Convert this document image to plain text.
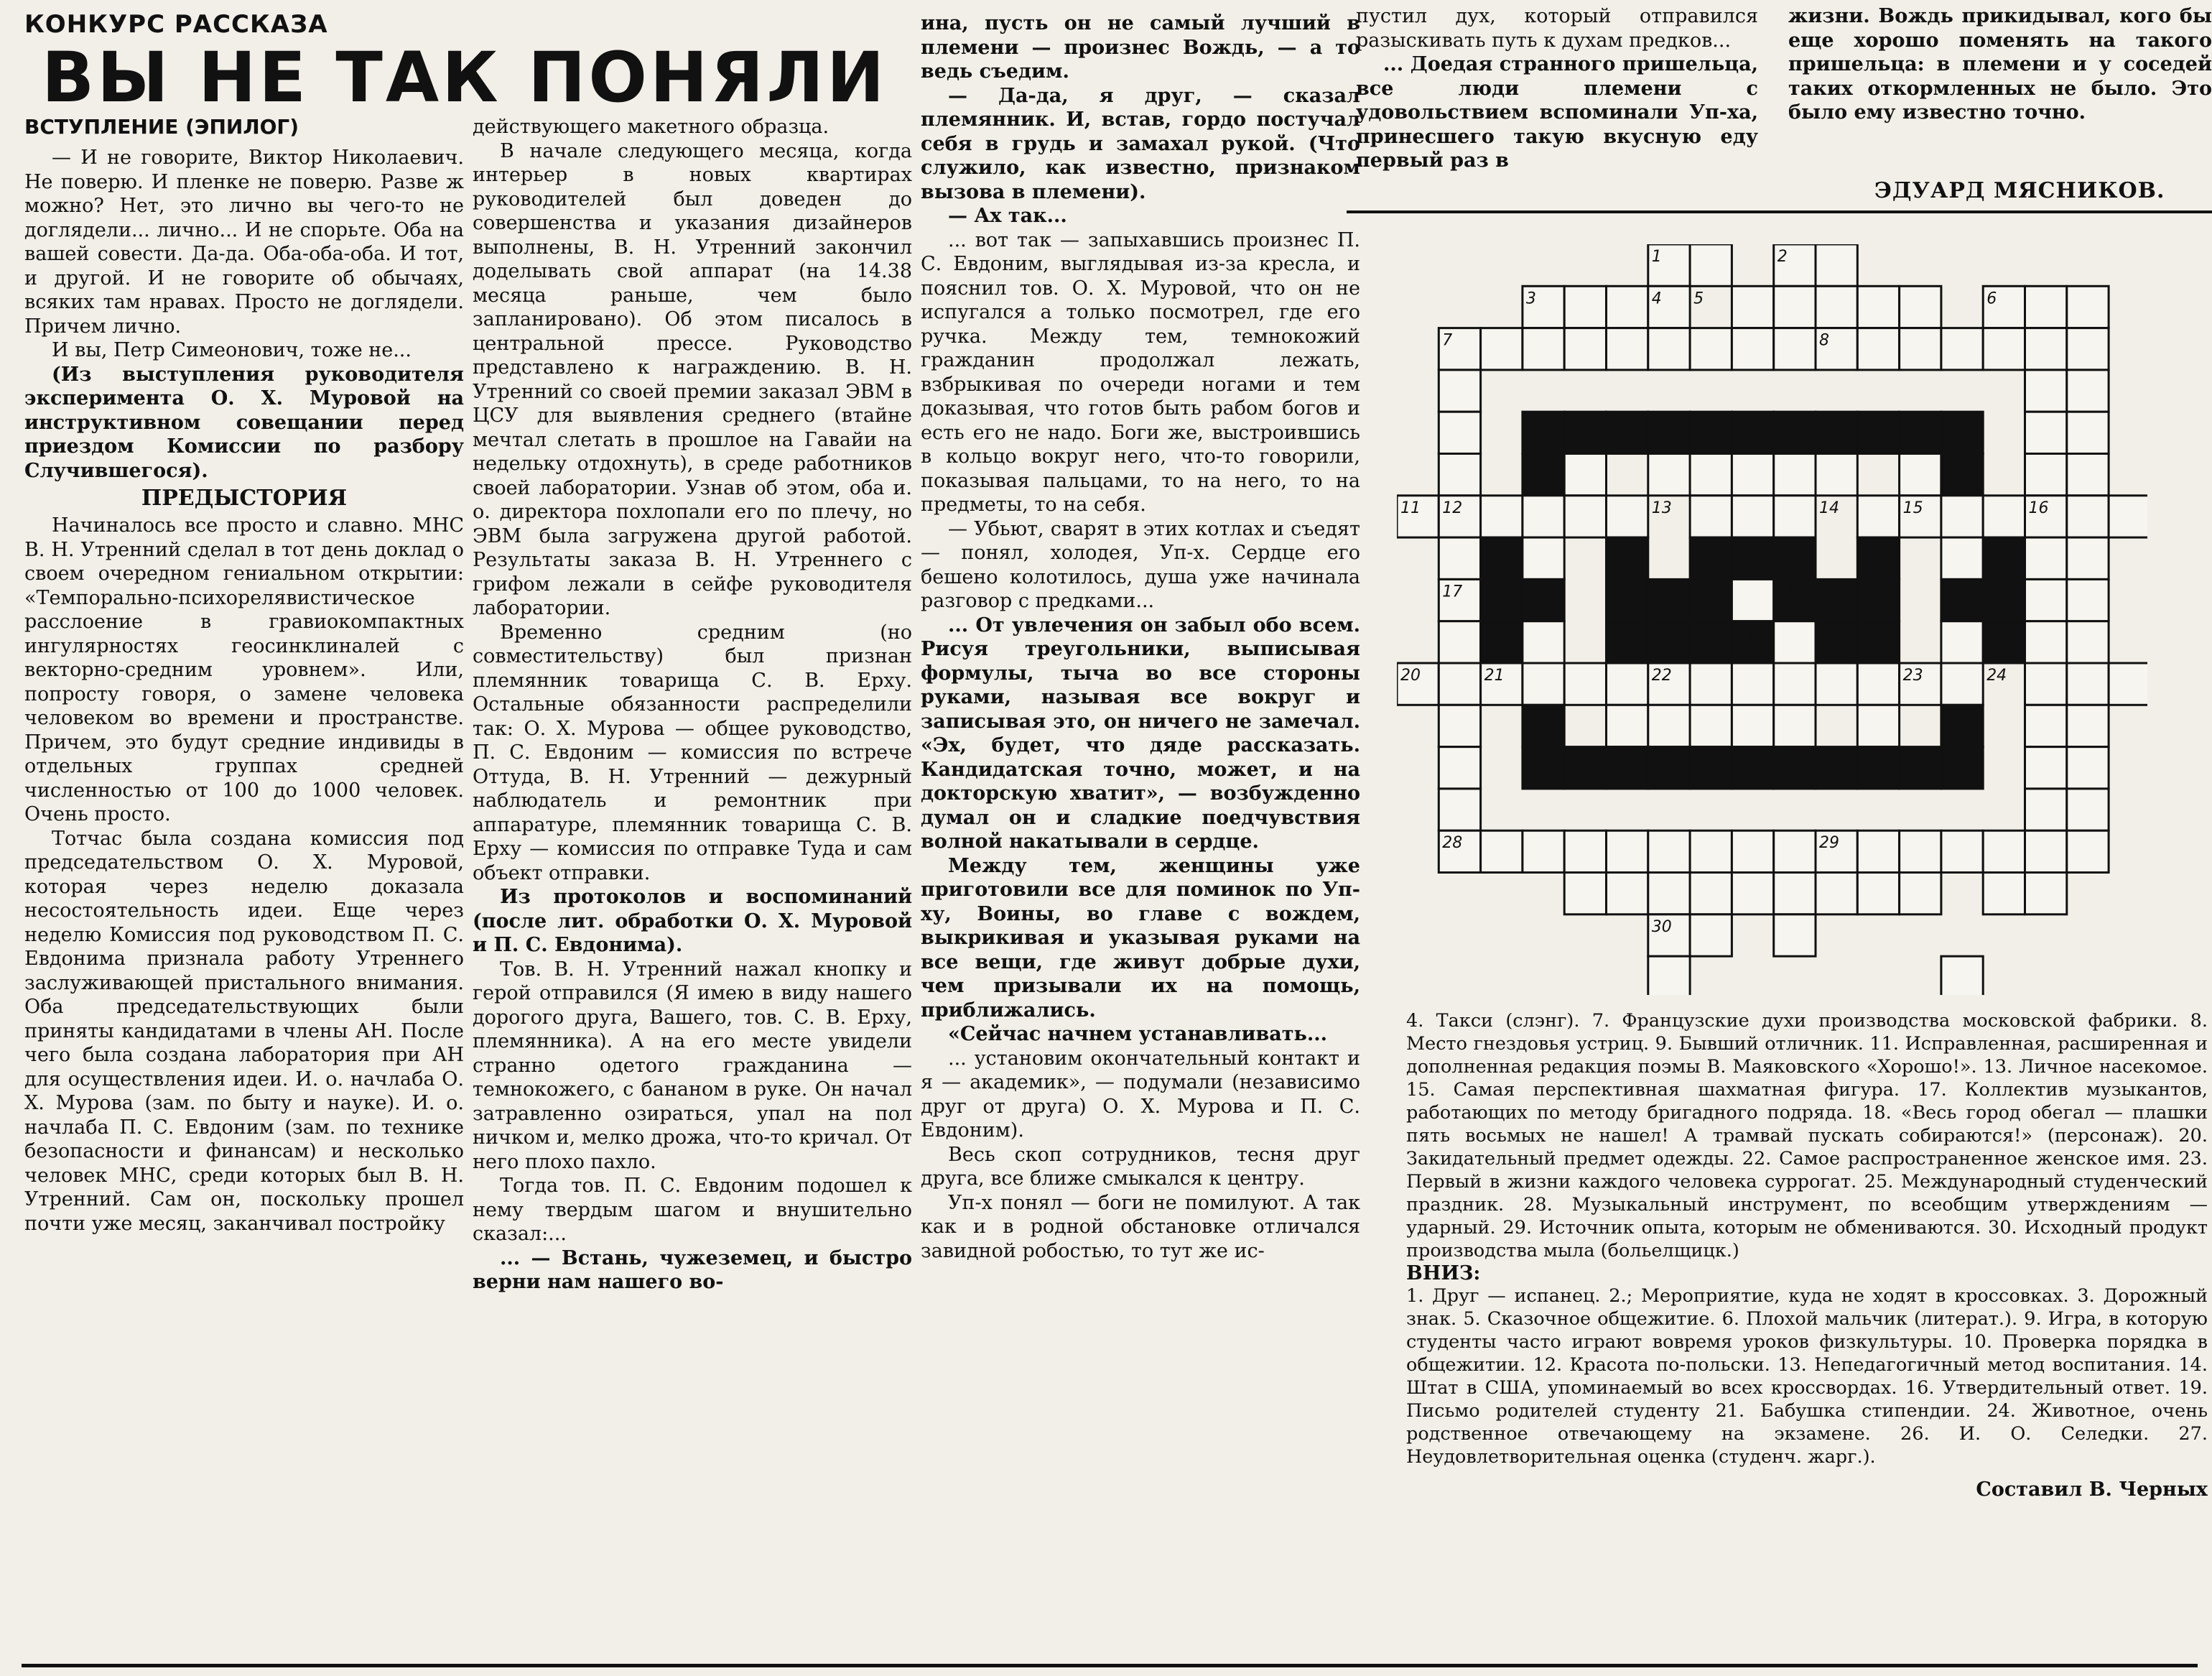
КОНКУРС РАССКАЗА
ВЫ НЕ ТАК ПОНЯЛИ
ВСТУПЛЕНИЕ (ЭПИЛОГ)

— И не говорите, Виктор Николаевич. Не поверю. И пленке не поверю. Разве ж можно? Нет, это лично вы чего-то не доглядели... лично... И не спорьте. Оба на вашей совести. Да-да. Оба-оба-оба. И тот, и другой. И не говорите об обычаях, всяких там нравах. Просто не доглядели. Причем лично.

И вы, Петр Симеонович, тоже не...

(Из выступления руководителя эксперимента О. Х. Муровой на инструктивном совещании перед приездом Комиссии по разбору Случившегося).

ПРЕДЫСТОРИЯ

Начиналось все просто и славно. МНС В. Н. Утренний сделал в тот день доклад о своем очередном гениальном открытии: «Темпорально-психорелявистическое расслоение в гравиокомпактных ингулярностях геосинклиналей с векторно-средним уровнем». Или, попросту говоря, о замене человека человеком во времени и пространстве. Причем, это будут средние индивиды в отдельных группах средней численностью от 100 до 1000 человек. Очень просто.

Тотчас была создана комиссия под председательством О. Х. Муровой, которая через неделю доказала несостоятельность идеи. Еще через неделю Комиссия под руководством П. С. Евдонима признала работу Утреннего заслуживающей пристального внимания. Оба председательствующих были приняты кандидатами в члены АН. После чего была создана лаборатория при АН для осуществления идеи. И. о. начлаба О. Х. Мурова (зам. по быту и науке). И. о. начлаба П. С. Евдоним (зам. по технике безопасности и финансам) и несколько человек МНС, среди которых был В. Н. Утренний. Сам он, поскольку прошел почти уже месяц, заканчивал постройку

действующего макетного образца.

В начале следующего месяца, когда интерьер в новых квартирах руководителей был доведен до совершенства и указания дизайнеров выполнены, В. Н. Утренний закончил доделывать свой аппарат (на 14.38 месяца раньше, чем было запланировано). Об этом писалось в центральной прессе. Руководство представлено к награждению. В. Н. Утренний со своей премии заказал ЭВМ в ЦСУ для выявления среднего (втайне мечтал слетать в прошлое на Гавайи на недельку отдохнуть), в среде работников своей лаборатории. Узнав об этом, оба и. о. директора похлопали его по плечу, но ЭВМ была загружена другой работой. Результаты заказа В. Н. Утреннего с грифом лежали в сейфе руководителя лаборатории.

Временно средним (но совместительству) был признан племянник товарища С. В. Ерху. Остальные обязанности распределили так: О. Х. Мурова — общее руководство, П. С. Евдоним — комиссия по встрече Оттуда, В. Н. Утренний — дежурный наблюдатель и ремонтник при аппаратуре, племянник товарища С. В. Ерху — комиссия по отправке Туда и сам объект отправки.

Из протоколов и воспоминаний (после лит. обработки О. Х. Муровой и П. С. Евдонима).

Тов. В. Н. Утренний нажал кнопку и герой отправился (Я имею в виду нашего дорогого друга, Вашего, тов. С. В. Ерху, племянника). А на его месте увидели странно одетого гражданина — темнокожего, с бананом в руке. Он начал затравленно озираться, упал на пол ничком и, мелко дрожа, что-то кричал. От него плохо пахло.

Тогда тов. П. С. Евдоним подошел к нему твердым шагом и внушительно сказал:...

... — Встань, чужеземец, и быстро верни нам нашего во-

ина, пусть он не самый лучший в племени — произнес Вождь, — а то ведь съедим.

— Да-да, я друг, — сказал племянник. И, встав, гордо постучал себя в грудь и замахал рукой. (Что служило, как известно, признаком вызова в племени).

— Ах так...

... вот так — запыхавшись произнес П. С. Евдоним, выглядывая из-за кресла, и пояснил тов. О. Х. Муровой, что он не испугался а только посмотрел, где его ручка. Между тем, темнокожий гражданин продолжал лежать, взбрыкивая по очереди ногами и тем доказывая, что готов быть рабом богов и есть его не надо. Боги же, выстроившись в кольцо вокруг него, что-то говорили, показывая пальцами, то на него, то на предметы, то на себя.

— Убьют, сварят в этих котлах и съедят — понял, холодея, Уп-х. Сердце его бешено колотилось, душа уже начинала разговор с предками...

... От увлечения он забыл обо всем. Рисуя треугольники, выписывая формулы, тыча во все стороны руками, называя все вокруг и записывая это, он ничего не замечал. «Эх, будет, что дяде рассказать. Кандидатская точно, может, и на докторскую хватит», — возбужденно думал он и сладкие поедчувствия волной накатывали в сердце.

Между тем, женщины уже приготовили все для поминок по Уп-ху, Воины, во главе с вождем, выкрикивая и указывая руками на все вещи, где живут добрые духи, чем призывали их на помощь, приближались.

«Сейчас начнем устанавливать...

... установим окончательный контакт и я — академик», — подумали (независимо друг от друга) О. Х. Мурова и П. С. Евдоним).

Весь скоп сотрудников, тесня друг друга, все ближе смыкался к центру.

Уп-х понял — боги не помилуют. А так как и в родной обстановке отличался завидной робостью, то тут же ис-

пустил дух, который отправился разыскивать путь к духам предков...

... Доедая странного пришельца, все люди племени с удовольствием вспоминали Уп-ха, принесшего такую вкусную еду первый раз в

жизни. Вождь прикидывал, кого бы еще хорошо поменять на такого пришельца: в племени и у соседей таких откормленных не было. Это было ему известно точно.

ЭДУАРД МЯСНИКОВ.
1	2
3	4 5	6
7	8
9	10
11 12	13	14	15	16
17	18
19
20	21	22	23	24
25	26	27
28	29
30

4. Такси (слэнг). 7. Французские духи производства московской фабрики. 8. Место гнездовья устриц. 9. Бывший отличник. 11. Исправленная, расширенная и дополненная редакция поэмы В. Маяковского «Хорошо!». 13. Личное насекомое. 15. Самая перспективная шахматная фигура. 17. Коллектив музыкантов, работающих по методу бригадного подряда. 18. «Весь город обегал — плашки пять восьмых не нашел! А трамвай пускать собираются!» (персонаж). 20. Закидательный предмет одежды. 22. Самое распространенное женское имя. 23. Первый в жизни каждого человека суррогат. 25. Международный студенческий праздник. 28. Музыкальный инструмент, по всеобщим утверждениям — ударный. 29. Источник опыта, которым не обмениваются. 30. Исходный продукт производства мыла (больелщицк.)

ВНИЗ:

1. Друг — испанец. 2.; Мероприятие, куда не ходят в кроссовках. 3. Дорожный знак. 5. Сказочное общежитие. 6. Плохой мальчик (литерат.). 9. Игра, в которую студенты часто играют вовремя уроков физкультуры. 10. Проверка порядка в общежитии. 12. Красота по-польски. 13. Непедагогичный метод воспитания. 14. Штат в США, упоминаемый во всех кроссвордах. 16. Утвердительный ответ. 19. Письмо родителей студенту 21. Бабушка стипендии. 24. Животное, очень родственное отвечающему на экзамене. 26. И. О. Селедки. 27. Неудовлетворительная оценка (студенч. жарг.).

Составил В. Черных
